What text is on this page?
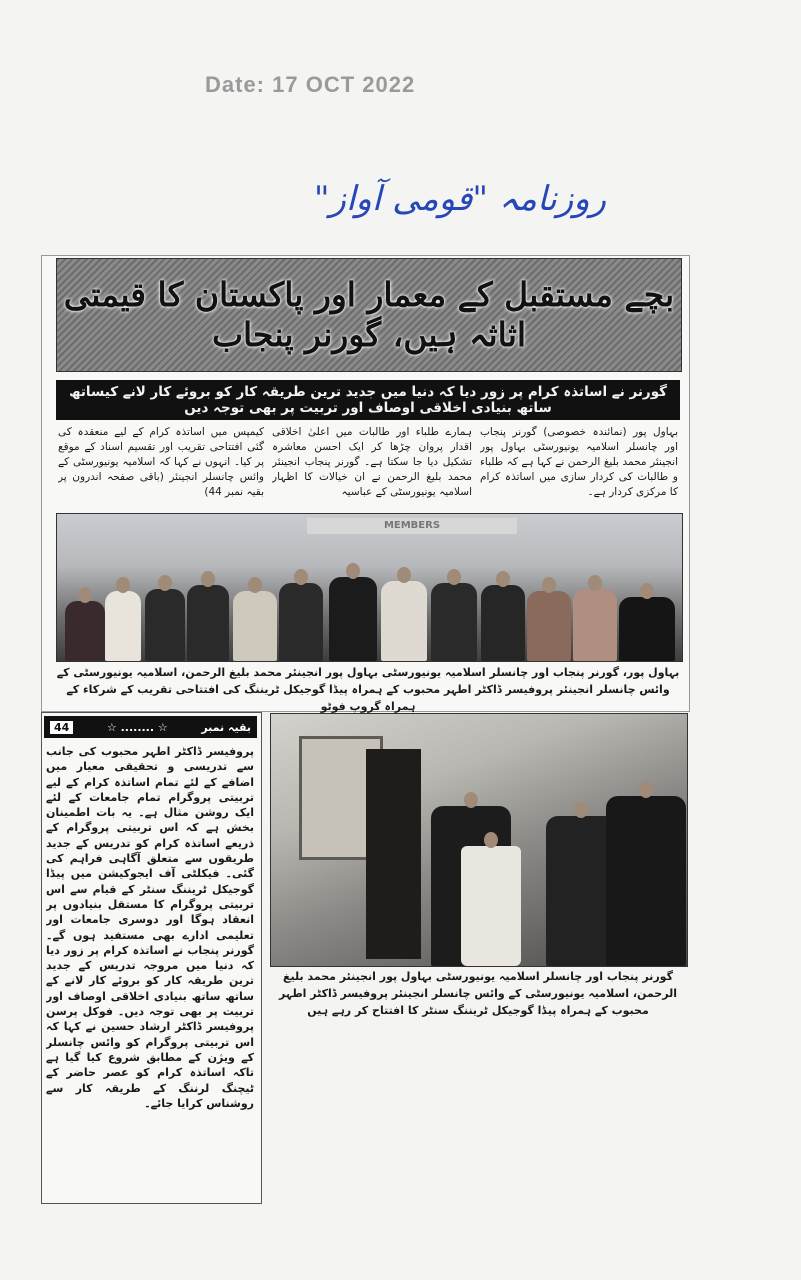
Date: 17 OCT 2022
روزنامہ "قومی آواز"
بچے مستقبل کے معمار اور پاکستان کا قیمتی اثاثہ ہیں، گورنر پنجاب
گورنر نے اساتذہ کرام پر زور دیا کہ دنیا میں جدید ترین طریقہ کار کو بروئے کار لانے کیساتھ ساتھ بنیادی اخلاقی اوصاف اور تربیت پر بھی توجہ دیں
بہاول پور (نمائندہ خصوصی) گورنر پنجاب اور چانسلر اسلامیہ یونیورسٹی بہاول پور انجینئر محمد بلیغ الرحمن نے کہا ہے کہ طلباء و طالبات کی کردار سازی میں اساتذہ کرام کا مرکزی کردار ہے۔
ہمارے طلباء اور طالبات میں اعلیٰ اخلاقی اقدار پروان چڑھا کر ایک احسن معاشرہ تشکیل دیا جا سکتا ہے۔ گورنر پنجاب انجینئر محمد بلیغ الرحمن نے ان خیالات کا اظہار اسلامیہ یونیورسٹی کے عباسیہ
کیمپس میں اساتذہ کرام کے لیے منعقدہ کی گئی افتتاحی تقریب اور تقسیم اسناد کے موقع پر کیا۔ انہوں نے کہا کہ اسلامیہ یونیورسٹی کے وائس چانسلر انجینئر (باقی صفحہ اندرون پر بقیہ نمبر 44)
MEMBERS
بہاول پور، گورنر پنجاب اور چانسلر اسلامیہ یونیورسٹی بہاول پور انجینئر محمد بلیغ الرحمن، اسلامیہ یونیورسٹی کے وائس چانسلر انجینئر پروفیسر ڈاکٹر اطہر محبوب کے ہمراہ پیڈا گوجیکل ٹریننگ کی افتتاحی تقریب کے شرکاء کے ہمراہ گروپ فوٹو
44	☆ ........ ☆	بقیہ نمبر
پروفیسر ڈاکٹر اطہر محبوب کی جانب سے تدریسی و تحقیقی معیار میں اضافے کے لئے تمام اساتذہ کرام کے لیے تربیتی پروگرام تمام جامعات کے لئے ایک روشن مثال ہے۔ یہ بات اطمینان بخش ہے کہ اس تربیتی پروگرام کے ذریعے اساتذہ کرام کو تدریس کے جدید طریقوں سے متعلق آگاہی فراہم کی گئی۔ فیکلٹی آف ایجوکیشن میں پیڈا گوجیکل ٹریننگ سنٹر کے قیام سے اس تربیتی پروگرام کا مستقل بنیادوں پر انعقاد ہوگا اور دوسری جامعات اور تعلیمی ادارے بھی مستفید ہوں گے۔ گورنر پنجاب نے اساتذہ کرام پر زور دیا کہ دنیا میں مروجہ تدریس کے جدید ترین طریقہ کار کو بروئے کار لانے کے ساتھ ساتھ بنیادی اخلاقی اوصاف اور تربیت پر بھی توجہ دیں۔ فوکل پرسن پروفیسر ڈاکٹر ارشاد حسین نے کہا کہ اس تربیتی پروگرام کو وائس چانسلر کے ویژن کے مطابق شروع کیا گیا ہے تاکہ اساتذہ کرام کو عصر حاضر کے ٹیچنگ لرننگ کے طریقہ کار سے روشناس کرایا جائے۔
گورنر پنجاب اور چانسلر اسلامیہ یونیورسٹی بہاول پور انجینئر محمد بلیغ الرحمن، اسلامیہ یونیورسٹی کے وائس چانسلر انجینئر پروفیسر ڈاکٹر اطہر محبوب کے ہمراہ پیڈا گوجیکل ٹریننگ سنٹر کا افتتاح کر رہے ہیں
